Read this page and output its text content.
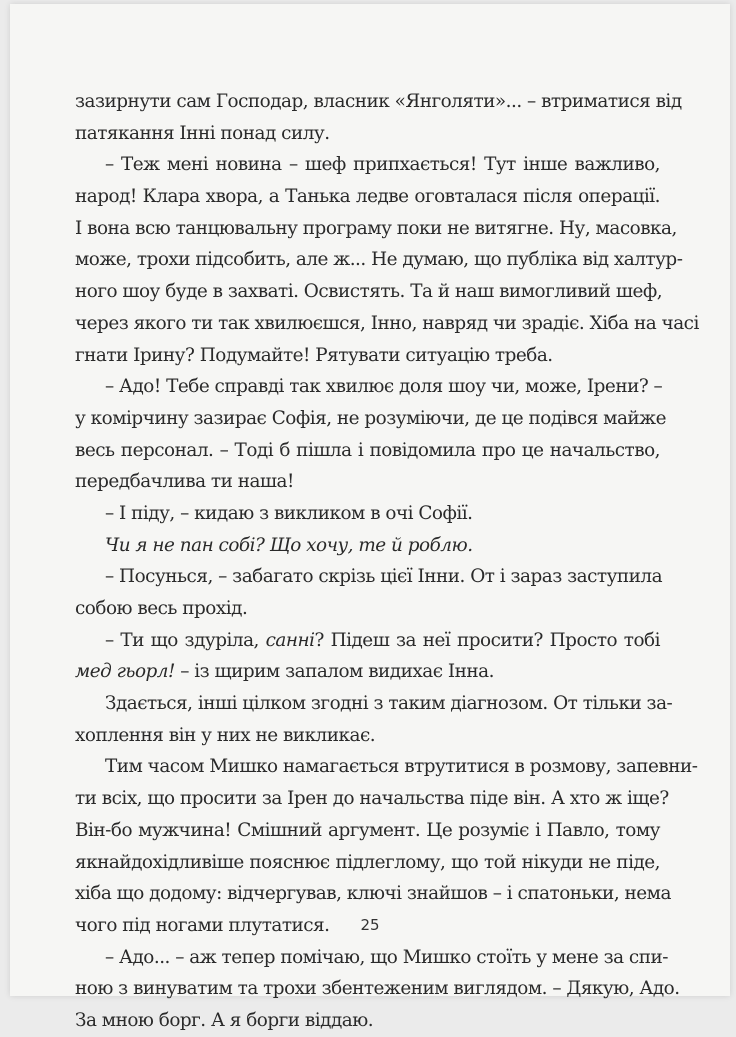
зазирнути сам Господар, власник «Янголяти»... – втриматися від
патякання Інні понад силу.
– Теж мені новина – шеф припхається! Тут інше важливо,
народ! Клара хвора, а Танька ледве оговталася після операції.
І вона всю танцювальну програму поки не витягне. Ну, масовка,
може, трохи підсобить, але ж... Не думаю, що публіка від халтур-
ного шоу буде в захваті. Освистять. Та й наш вимогливий шеф,
через якого ти так хвилюєшся, Інно, навряд чи зрадіє. Хіба на часі
гнати Ірину? Подумайте! Рятувати ситуацію треба.
– Адо! Тебе справді так хвилює доля шоу чи, може, Ірени? –
у комірчину зазирає Софія, не розуміючи, де це подівся майже
весь персонал. – Тоді б пішла і повідомила про це начальство,
передбачлива ти наша!
– І піду, – кидаю з викликом в очі Софії.
Чи я не пан собі? Що хочу, те й роблю.
– Посунься, – забагато скрізь цієї Інни. От і зараз заступила
собою весь прохід.
– Ти що здуріла, санні? Підеш за неї просити? Просто тобі
мед гьорл! – із щирим запалом видихає Інна.
Здається, інші цілком згодні з таким діагнозом. От тільки за-
хоплення він у них не викликає.
Тим часом Мишко намагається втрутитися в розмову, запевни-
ти всіх, що просити за Ірен до начальства піде він. А хто ж іще?
Він-бо мужчина! Смішний аргумент. Це розуміє і Павло, тому
якнайдохідливіше пояснює підлеглому, що той нікуди не піде,
хіба що додому: відчергував, ключі знайшов – і спатоньки, нема
чого під ногами плутатися.
– Адо... – аж тепер помічаю, що Мишко стоїть у мене за спи-
ною з винуватим та трохи збентеженим виглядом. – Дякую, Адо.
За мною борг. А я борги віддаю.
25
